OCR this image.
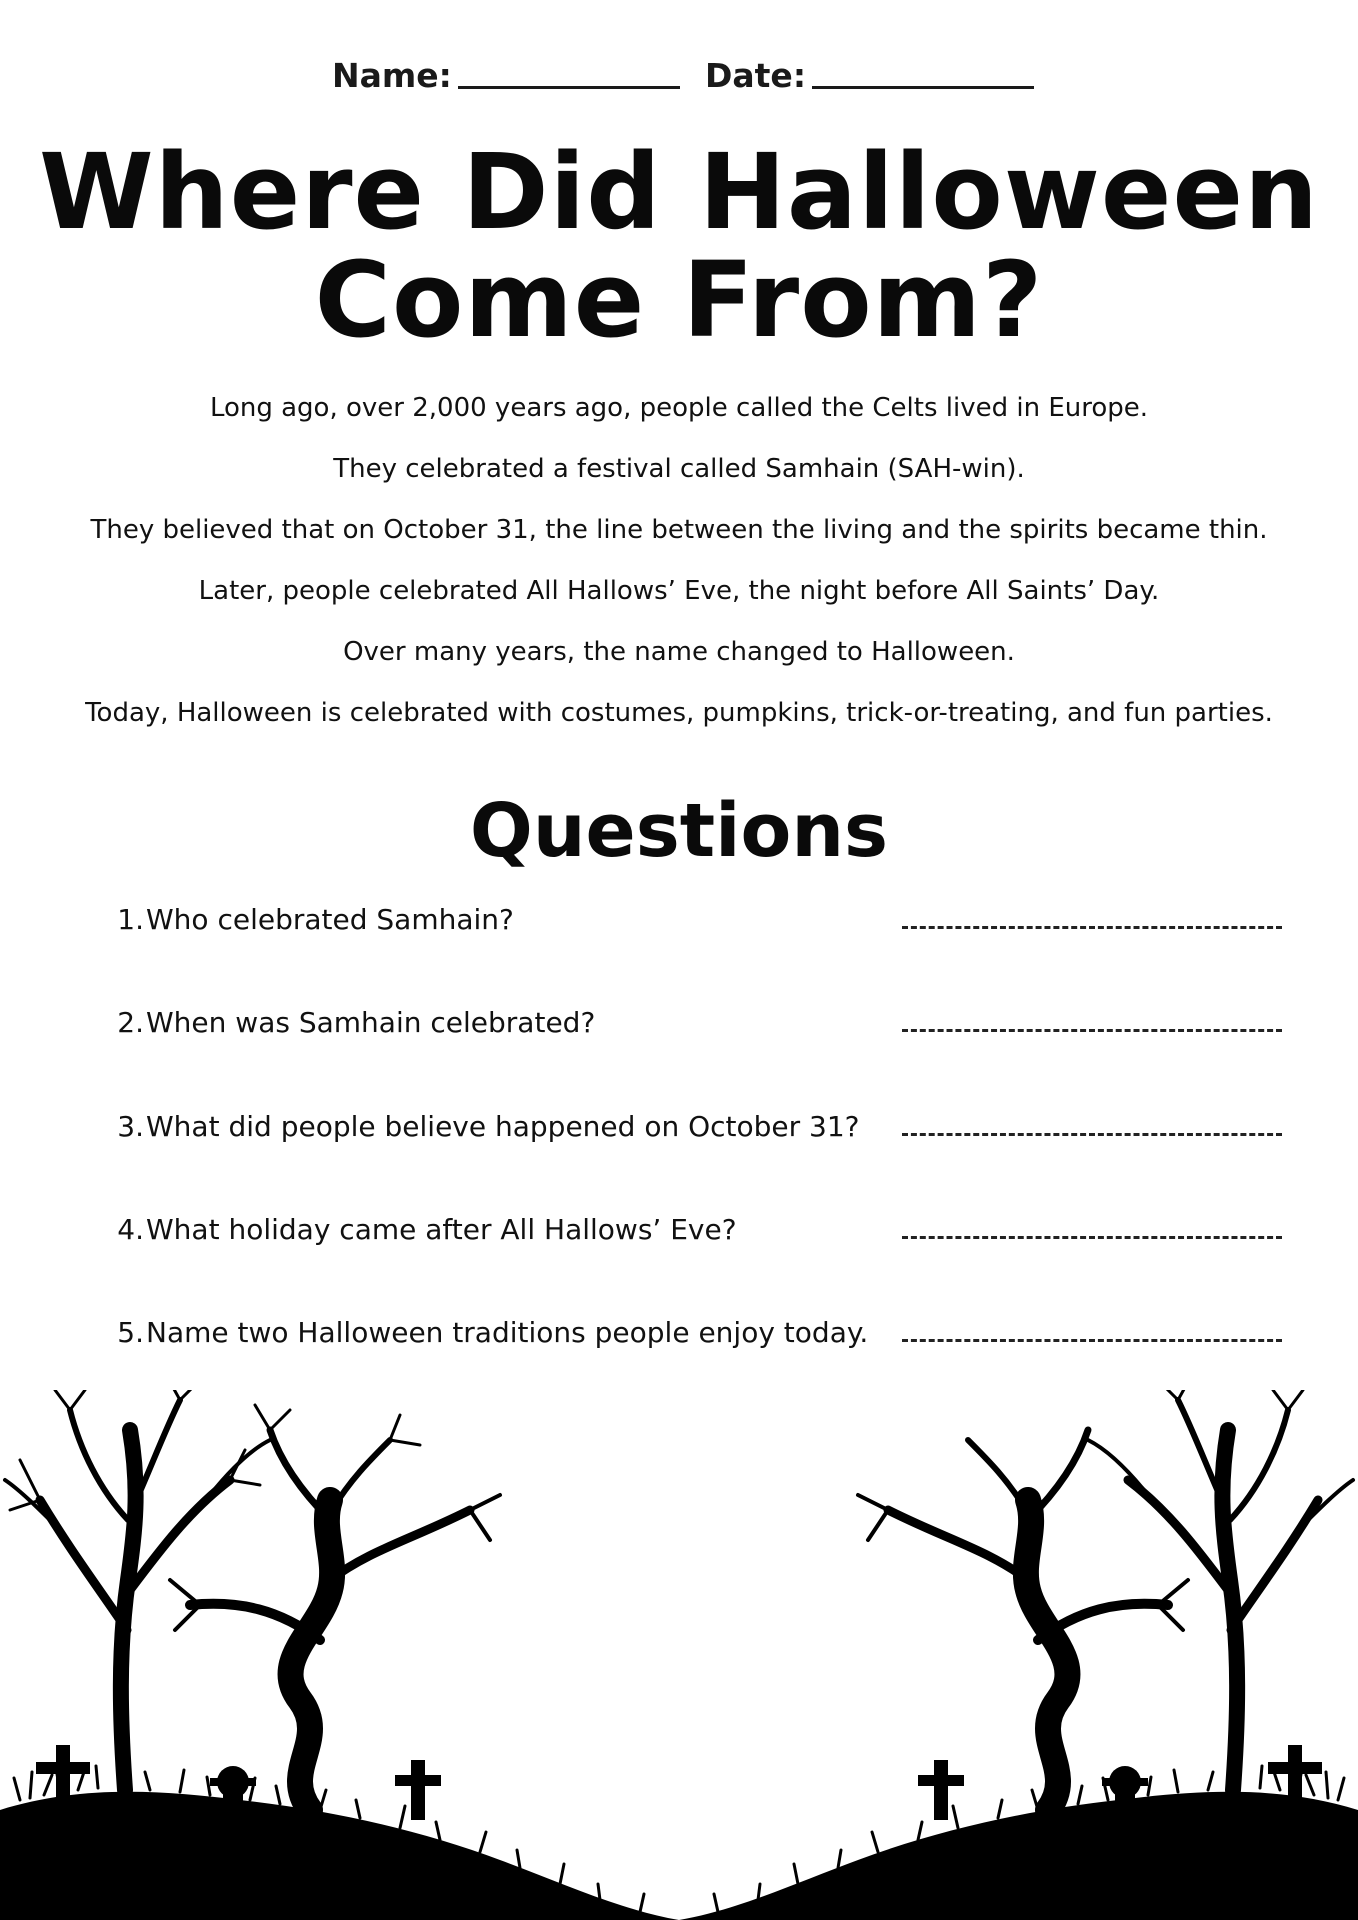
Name:	Date:
Where Did Halloween
Come From?
Long ago, over 2,000 years ago, people called the Celts lived in Europe.
They celebrated a festival called Samhain (SAH-win).
They believed that on October 31, the line between the living and the spirits became thin.
Later, people celebrated All Hallows’ Eve, the night before All Saints’ Day.
Over many years, the name changed to Halloween.
Today, Halloween is celebrated with costumes, pumpkins, trick-or-treating, and fun parties.
Questions
1. Who celebrated Samhain?
2. When was Samhain celebrated?
3. What did people believe happened on October 31?
4. What holiday came after All Hallows’ Eve?
5. Name two Halloween traditions people enjoy today.
